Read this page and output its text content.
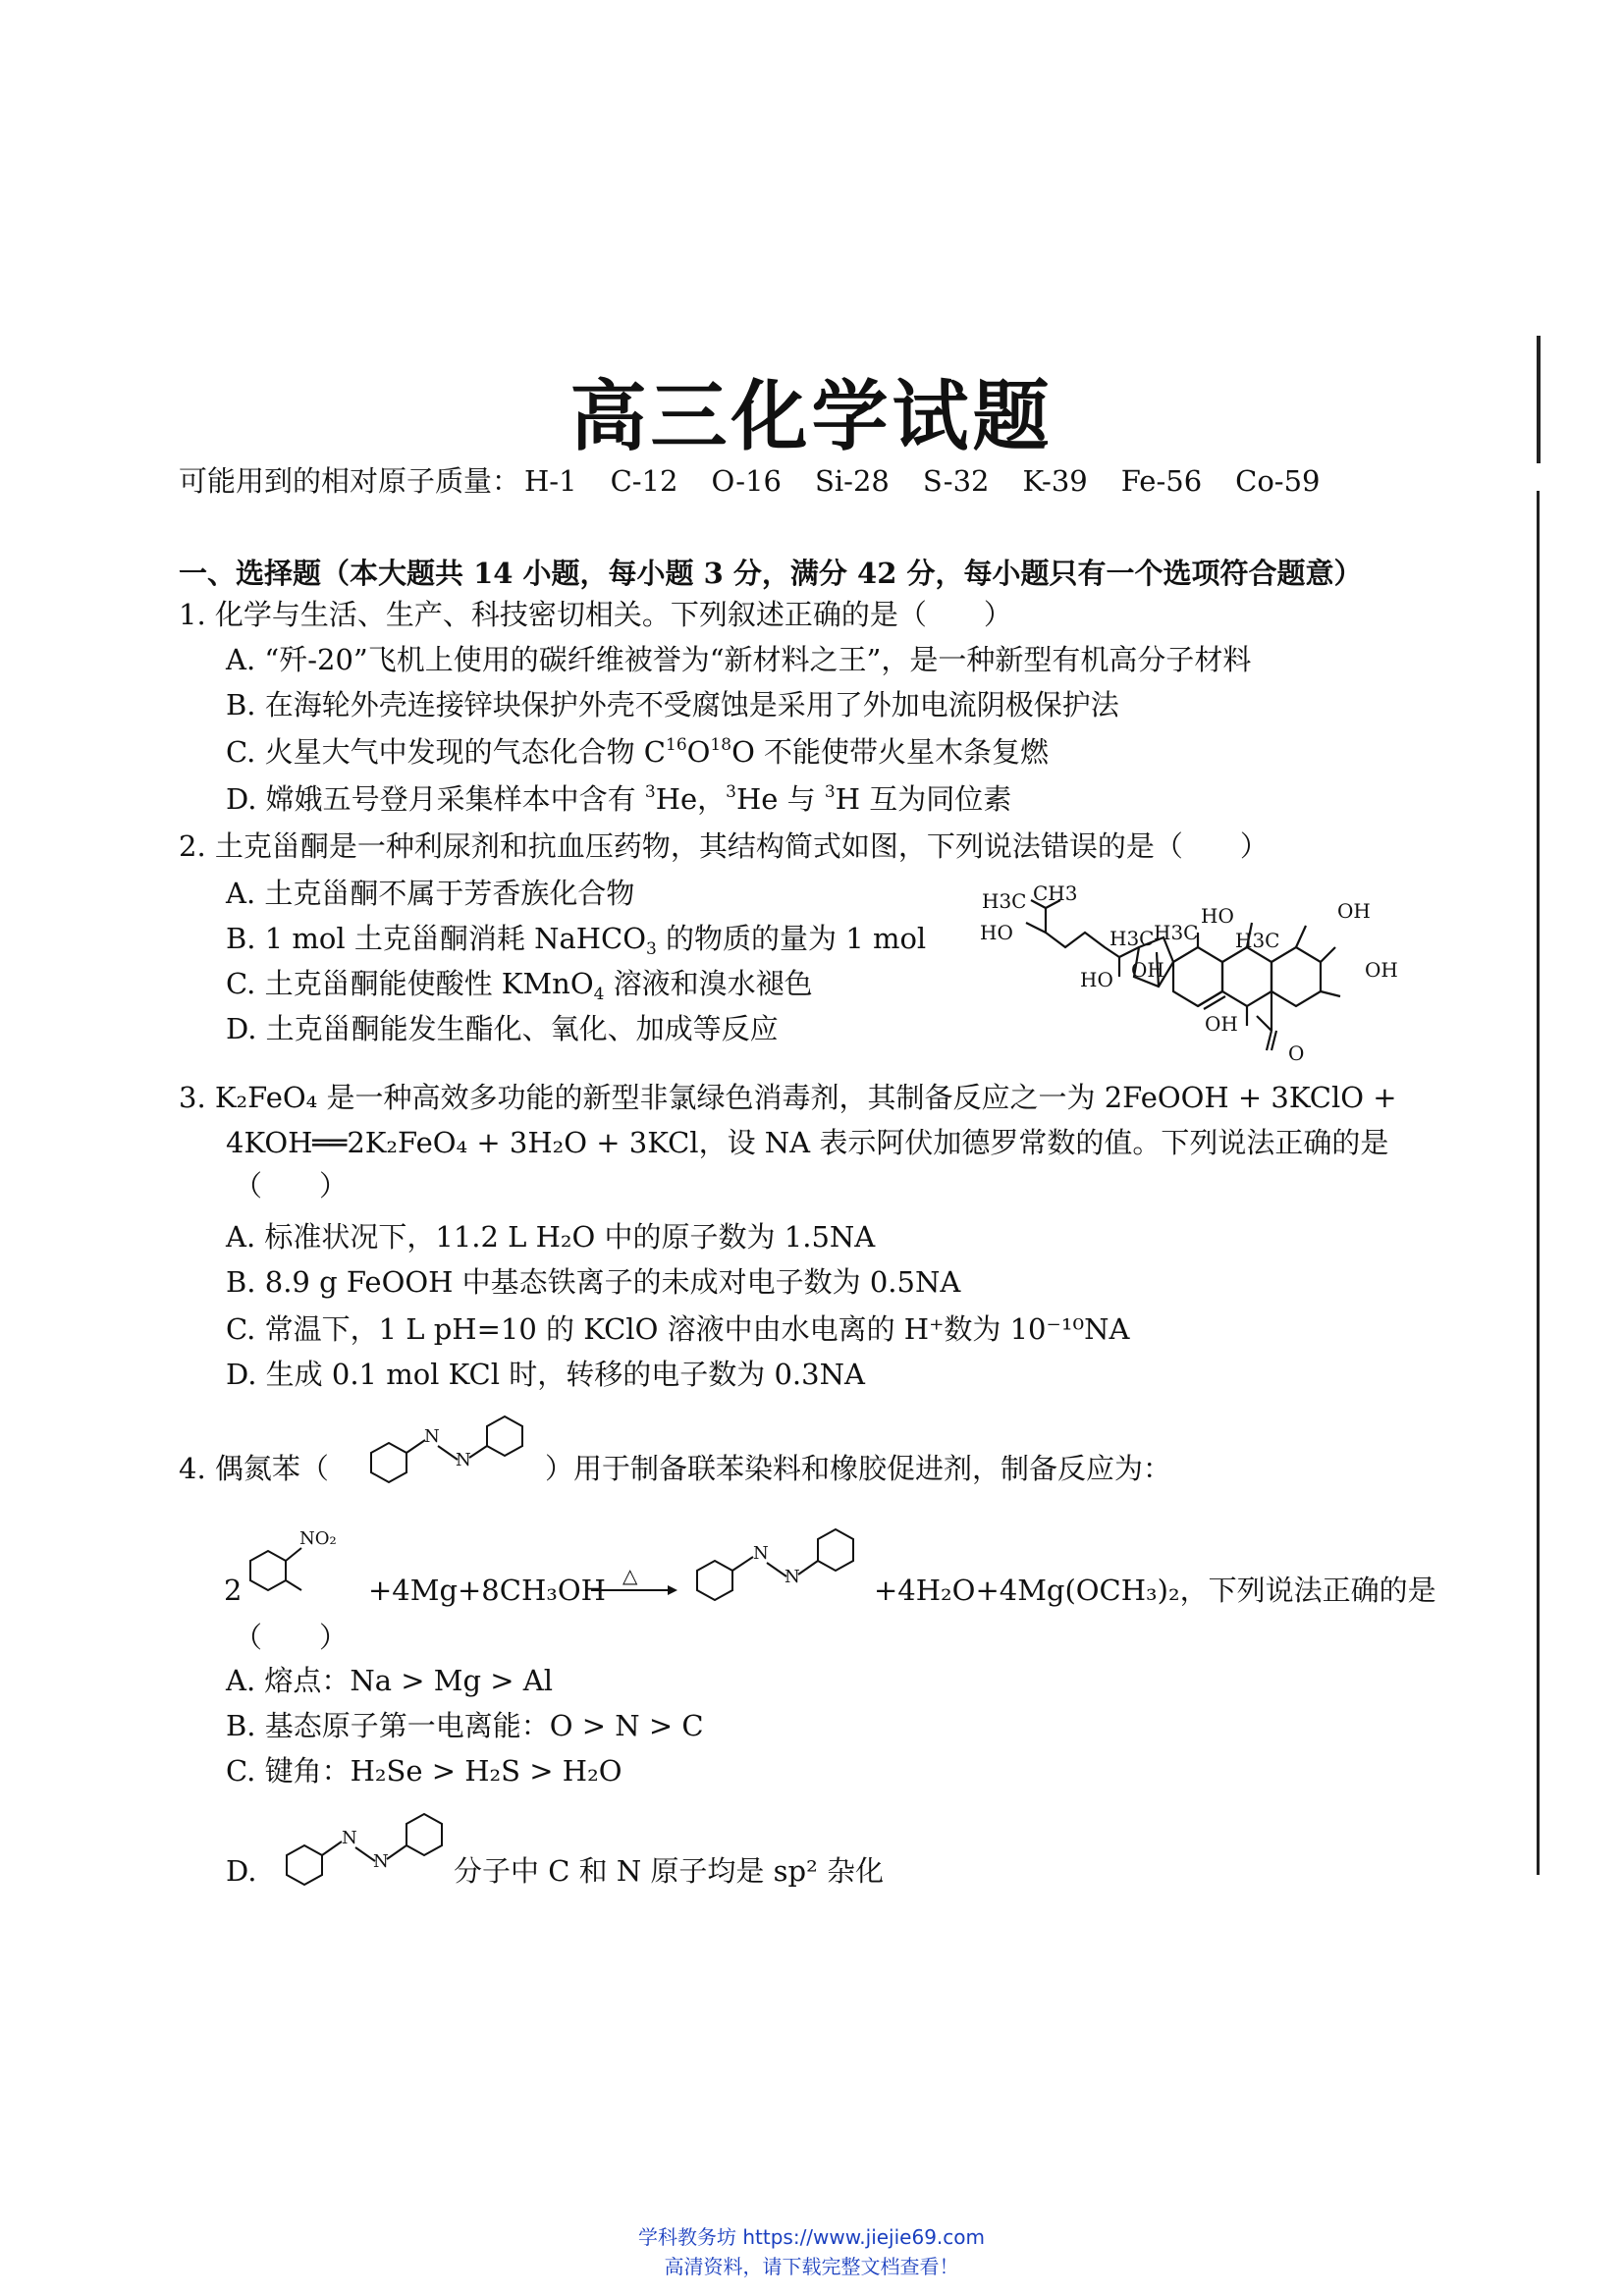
高三化学试题
可能用到的相对原子质量： H-1 C-12 O-16 Si-28 S-32 K-39 Fe-56 Co-59
一、选择题（本大题共 14 小题，每小题 3 分，满分 42 分，每小题只有一个选项符合题意）
1. 化学与生活、生产、科技密切相关。下列叙述正确的是（　　）
A. “歼-20”飞机上使用的碳纤维被誉为“新材料之王”，是一种新型有机高分子材料
B. 在海轮外壳连接锌块保护外壳不受腐蚀是采用了外加电流阴极保护法
C. 火星大气中发现的气态化合物 $C^{16}O^{18}O$ 不能使带火星木条复燃
D. 嫦娥五号登月采集样本中含有 $^3$He，$^3$He 与 $^3$H 互为同位素
2. 土克甾酮是一种利尿剂和抗血压药物，其结构简式如图，下列说法错误的是（　　）
A. 土克甾酮不属于芳香族化合物
B. 1 mol 土克甾酮消耗 NaHCO$_3$ 的物质的量为 1 mol
C. 土克甾酮能使酸性 KMnO$_4$ 溶液和溴水褪色
D. 土克甾酮能发生酯化、氧化、加成等反应
H3C CH3
HO
HO	OH
H3C H3C
OH
HO	OH
H3C
OH
O
3. K₂FeO₄ 是一种高效多功能的新型非氯绿色消毒剂，其制备反应之一为 2FeOOH + 3KClO +
4KOH══2K₂FeO₄ + 3H₂O + 3KCl，设 NA 表示阿伏加德罗常数的值。下列说法正确的是
（　　）
A. 标准状况下，11.2 L H₂O 中的原子数为 1.5NA
B. 8.9 g FeOOH 中基态铁离子的未成对电子数为 0.5NA
C. 常温下，1 L pH=10 的 KClO 溶液中由水电离的 H⁺数为 10⁻¹⁰NA
D. 生成 0.1 mol KCl 时，转移的电子数为 0.3NA
4. 偶氮苯（
N
N	）用于制备联苯染料和橡胶促进剂，制备反应为：
2
NO₂
+4Mg+8CH₃OH △
N
N	+4H₂O+4Mg(OCH₃)₂，下列说法正确的是
（　　）
A. 熔点：Na > Mg > Al
B. 基态原子第一电离能：O > N > C
C. 键角：H₂Se > H₂S > H₂O
D.
N
N 分子中 C 和 N 原子均是 sp² 杂化
学科教务坊 https://www.jiejie69.com
高清资料，请下载完整文档查看！
